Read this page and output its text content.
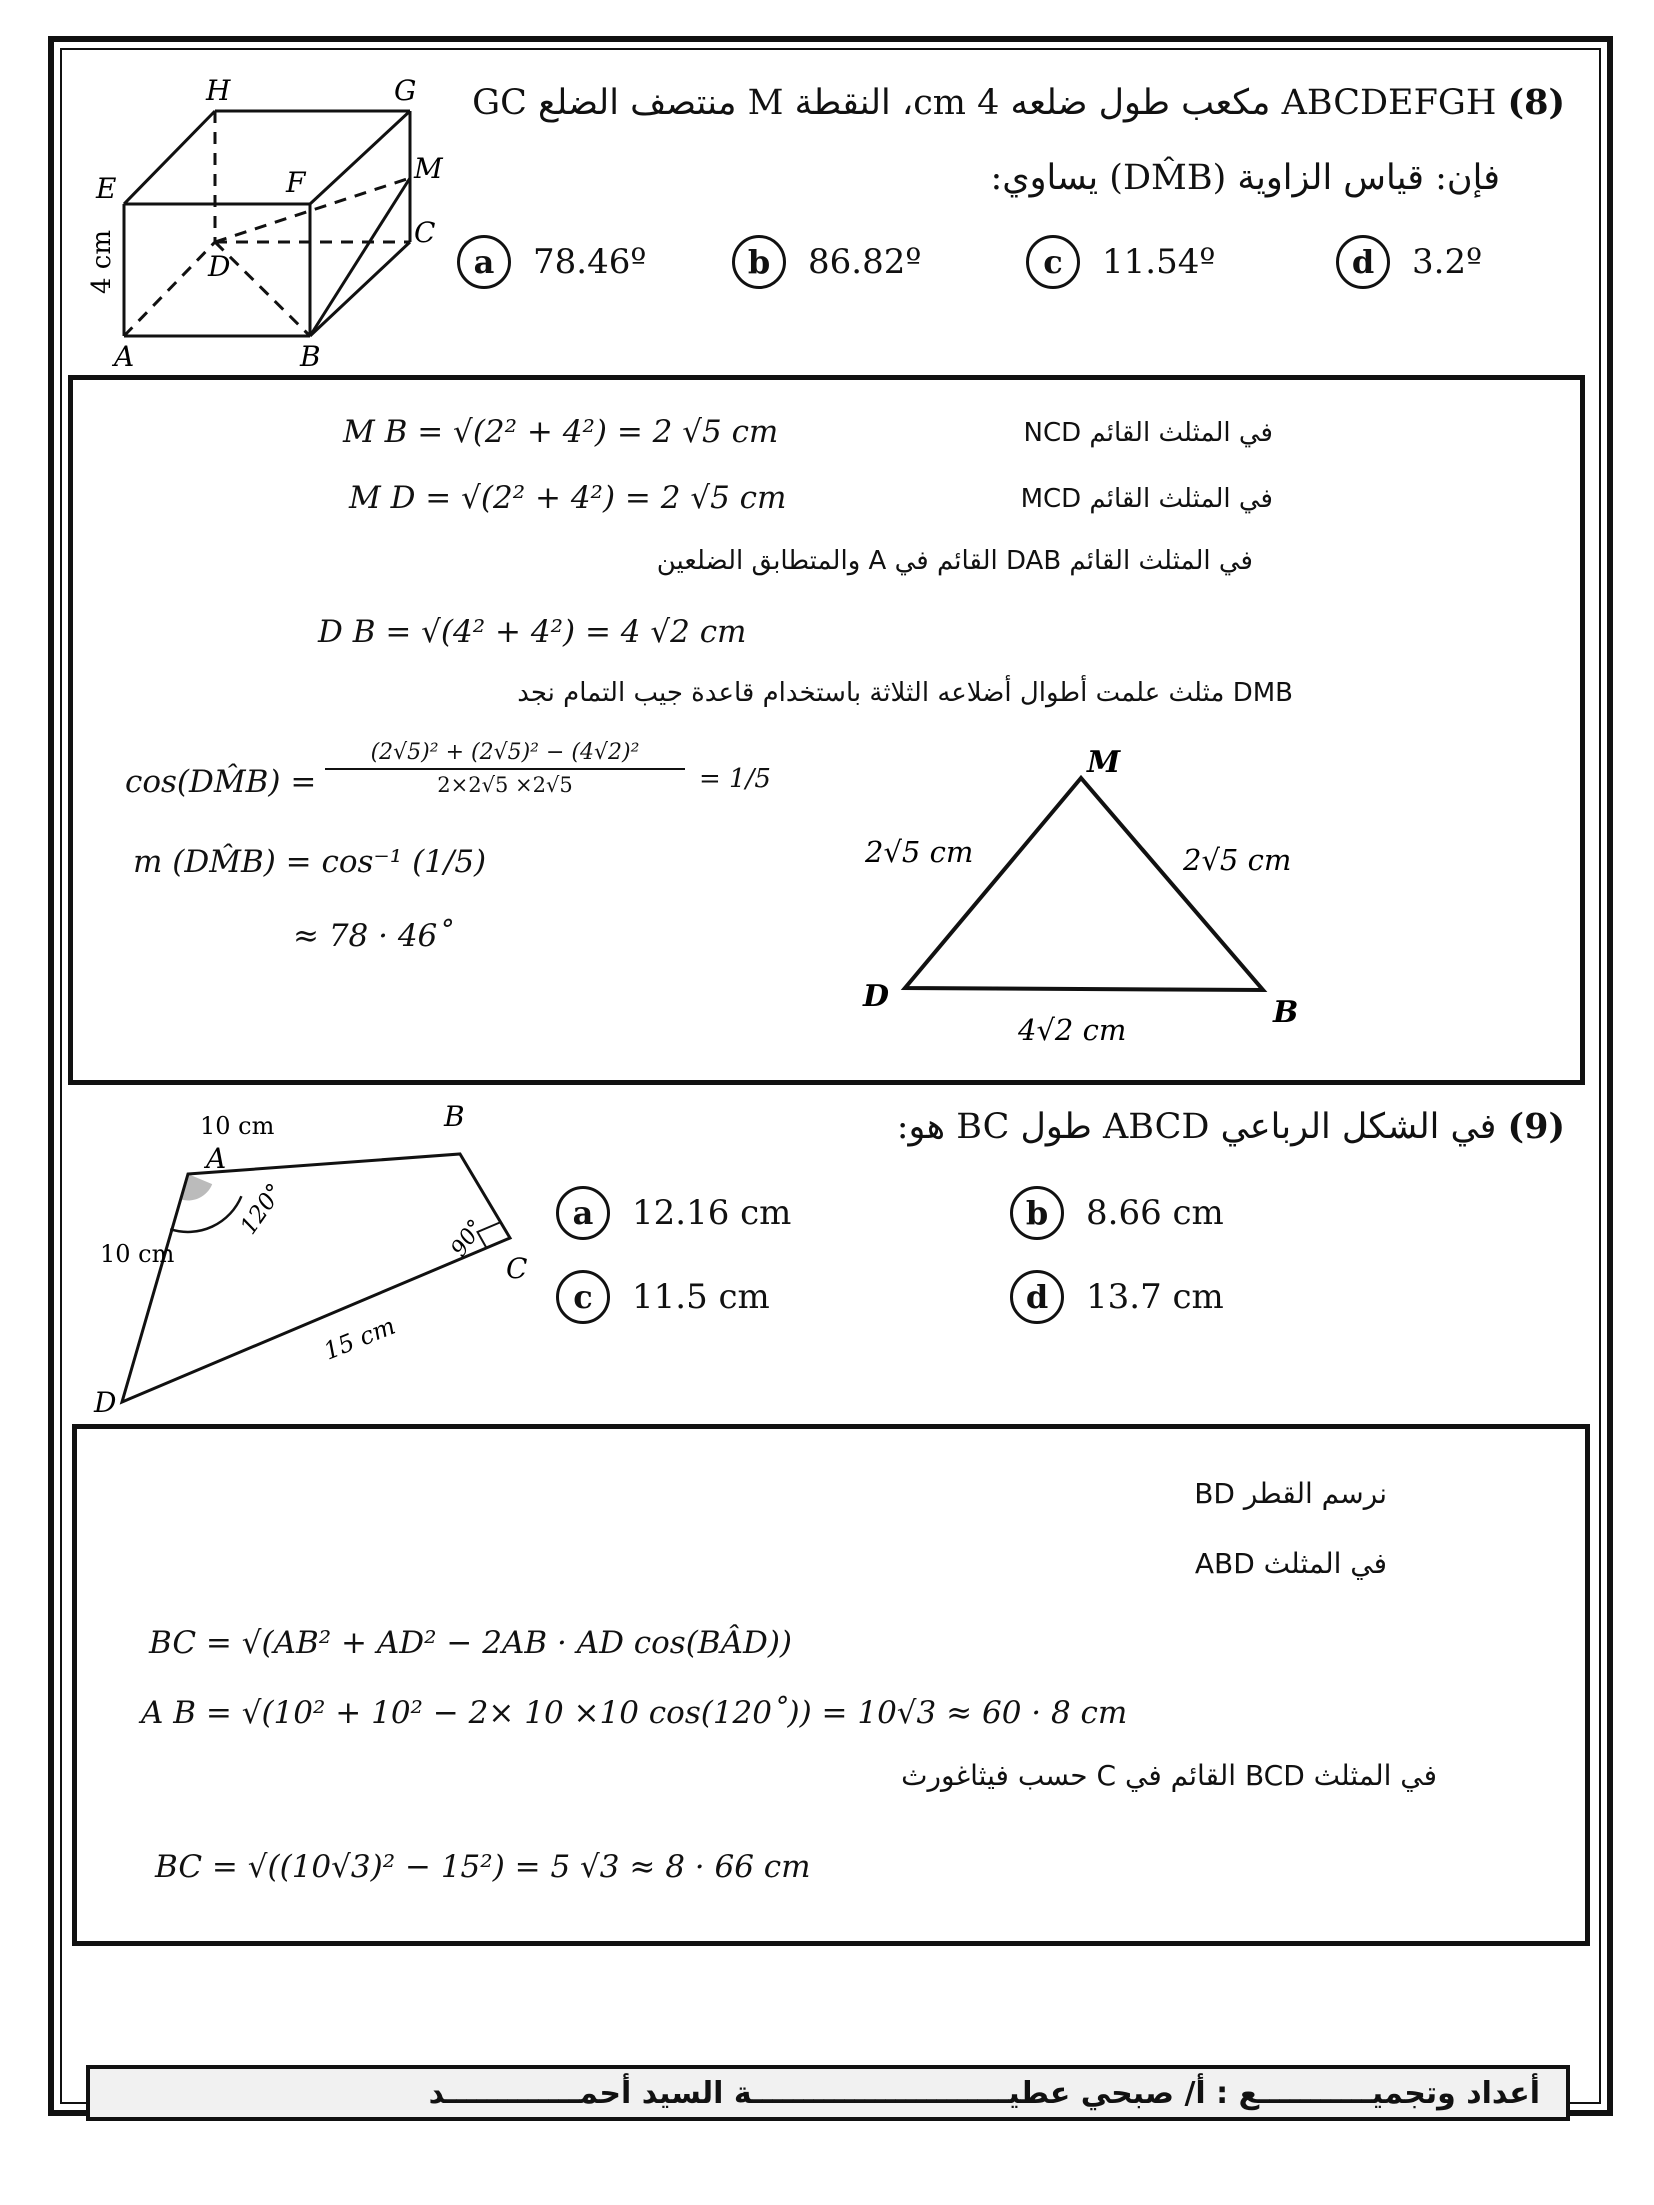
(8) ABCDEFGH مكعب طول ضلعه 4 cm، النقطة M منتصف الضلع GC
فإن: قياس الزاوية (DM̂B) يساوي:
H	G
E	F	M
C
D
A	B
4 cm	a	78.46º	b	86.82º	c	11.54º	d	3.2º
في المثلث القائم NCD
M B = √(2² + 4²) = 2 √5 cm
في المثلث القائم MCD
M D = √(2² + 4²) = 2 √5 cm
في المثلث القائم DAB القائم في A والمتطابق الضلعين
D B = √(4² + 4²) = 4 √2 cm
DMB مثلث علمت أطوال أضلاعه الثلاثة باستخدام قاعدة جيب التمام نجد
cos(DM̂B) = $\frac{\text{(2√5)² + (2√5)² − (4√2)²}}{2\times 2√5 \times 2√5} = 1/5$
m (DM̂B) = cos⁻¹ (1/5)
≈ 78 · 46˚
M
D	B
2√5 cm	2√5 cm
4√2 cm
(9) في الشكل الرباعي ABCD طول BC هو:
10 cm
10 cm
15 cm
120°	90°
A
B
C
D
a	12.16 cm	b	8.66 cm
c	11.5 cm	d	13.7 cm
نرسم القطر BD
في المثلث ABD
BC = √(AB² + AD² − 2AB · AD cos(BÂD))
A B = √(10² + 10² − 2× 10 ×10 cos(120˚)) = 10√3 ≈ 60 · 8 cm
في المثلث BCD القائم في C حسب فيثاغورث
BC = √((10√3)² − 15²) = 5 √3 ≈ 8 · 66 cm
أعداد وتجميـــــــــــع : أ/ صبحي عطيـــــــــــــــــــــــــة السيد أحمـــــــــــــد
